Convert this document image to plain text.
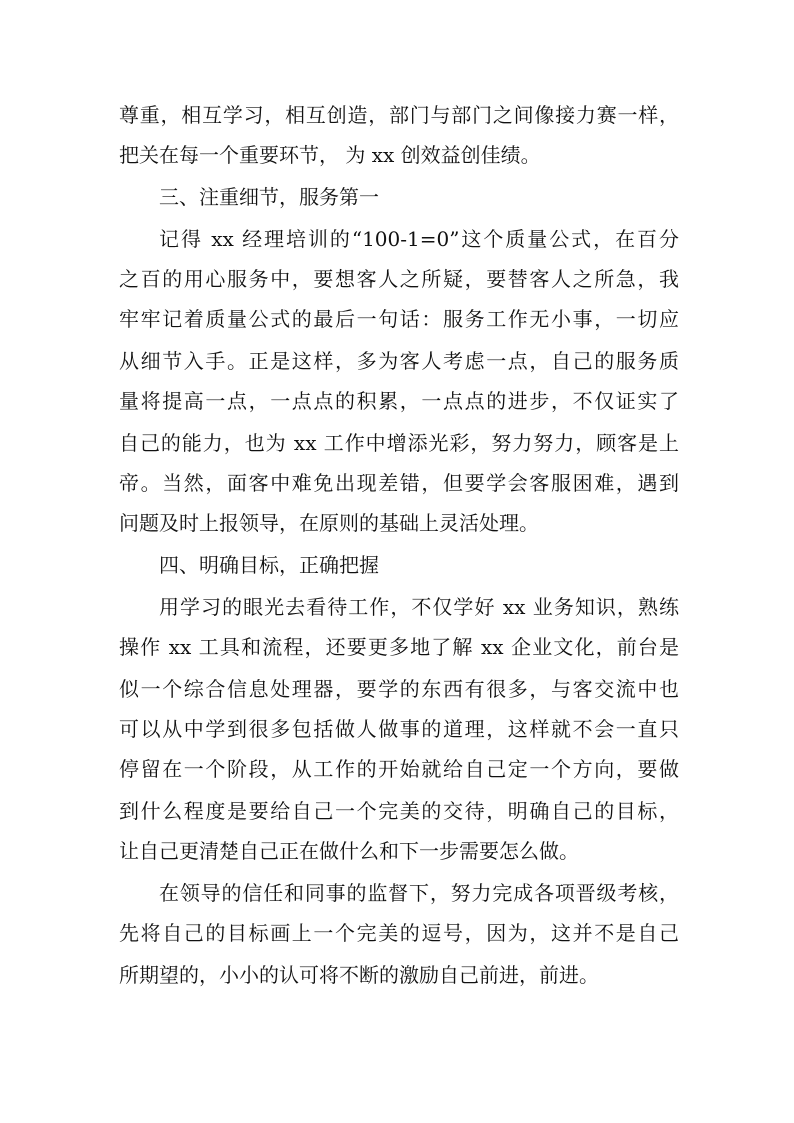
尊重，相互学习，相互创造，部门与部门之间像接力赛一样，
把关在每一个重要环节， 为 xx 创效益创佳绩。
三、注重细节，服务第一
记得 xx 经理培训的“100-1=0”这个质量公式，在百分
之百的用心服务中，要想客人之所疑，要替客人之所急，我
牢牢记着质量公式的最后一句话：服务工作无小事，一切应
从细节入手。正是这样，多为客人考虑一点，自己的服务质
量将提高一点，一点点的积累，一点点的进步，不仅证实了
自己的能力，也为 xx 工作中增添光彩，努力努力，顾客是上
帝。当然，面客中难免出现差错，但要学会客服困难，遇到
问题及时上报领导，在原则的基础上灵活处理。
四、明确目标，正确把握
用学习的眼光去看待工作，不仅学好 xx 业务知识，熟练
操作 xx 工具和流程，还要更多地了解 xx 企业文化，前台是
似一个综合信息处理器，要学的东西有很多，与客交流中也
可以从中学到很多包括做人做事的道理，这样就不会一直只
停留在一个阶段，从工作的开始就给自己定一个方向，要做
到什么程度是要给自己一个完美的交待，明确自己的目标，
让自己更清楚自己正在做什么和下一步需要怎么做。
在领导的信任和同事的监督下，努力完成各项晋级考核，
先将自己的目标画上一个完美的逗号，因为，这并不是自己
所期望的，小小的认可将不断的激励自己前进，前进。
